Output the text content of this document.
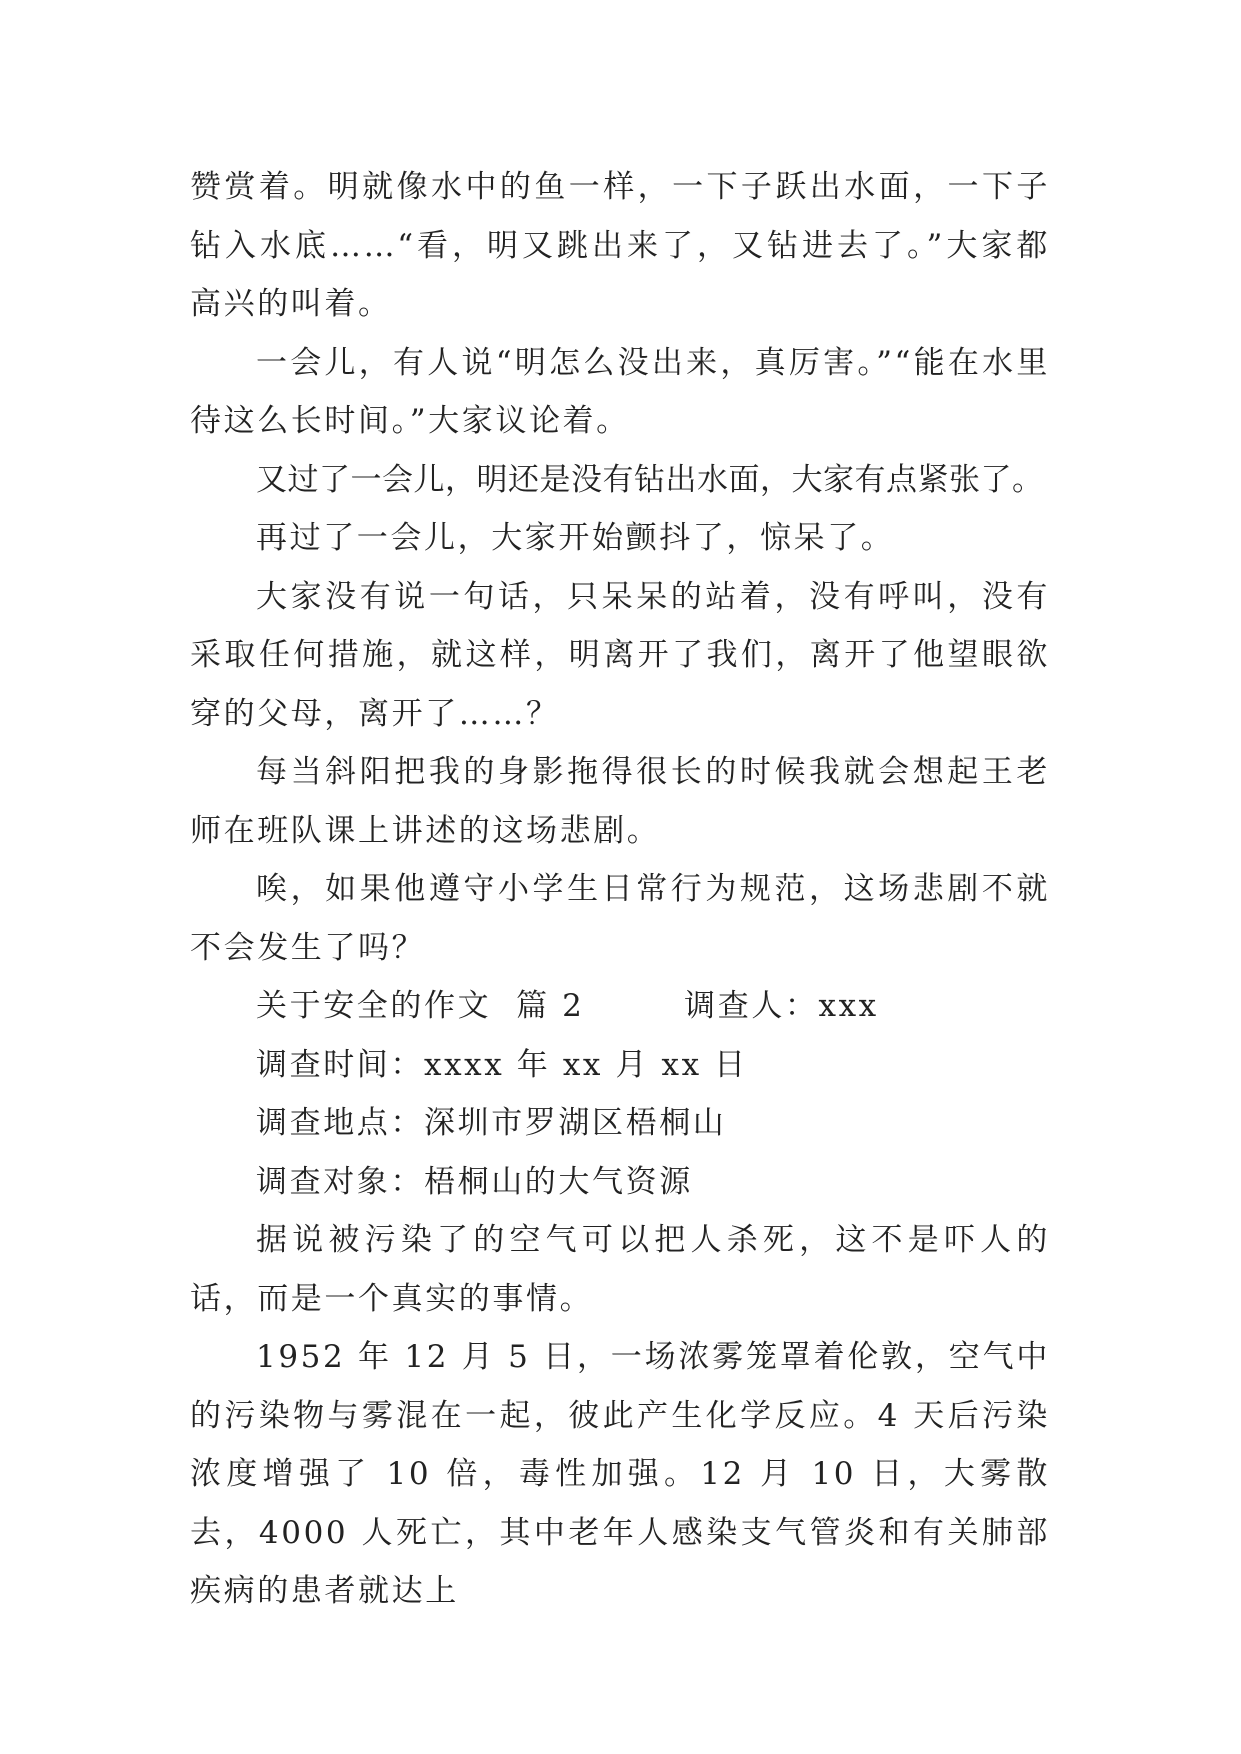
赞赏着。明就像水中的鱼一样，一下子跃出水面，一下子钻入水底……“看，明又跳出来了，又钻进去了。”大家都高兴的叫着。

一会儿，有人说“明怎么没出来，真厉害。”“能在水里待这么长时间。”大家议论着。

又过了一会儿，明还是没有钻出水面，大家有点紧张了。

再过了一会儿，大家开始颤抖了，惊呆了。

大家没有说一句话，只呆呆的站着，没有呼叫，没有采取任何措施，就这样，明离开了我们，离开了他望眼欲穿的父母，离开了……？

每当斜阳把我的身影拖得很长的时候我就会想起王老师在班队课上讲述的这场悲剧。

唉，如果他遵守小学生日常行为规范，这场悲剧不就不会发生了吗？

关于安全的作文  篇 2        调查人：xxx

调查时间：xxxx 年 xx 月 xx 日

调查地点：深圳市罗湖区梧桐山

调查对象：梧桐山的大气资源

据说被污染了的空气可以把人杀死，这不是吓人的话，而是一个真实的事情。

1952 年 12 月 5 日，一场浓雾笼罩着伦敦，空气中的污染物与雾混在一起，彼此产生化学反应。4 天后污染浓度增强了 10 倍，毒性加强。12 月 10 日，大雾散去，4000 人死亡，其中老年人感染支气管炎和有关肺部疾病的患者就达上
